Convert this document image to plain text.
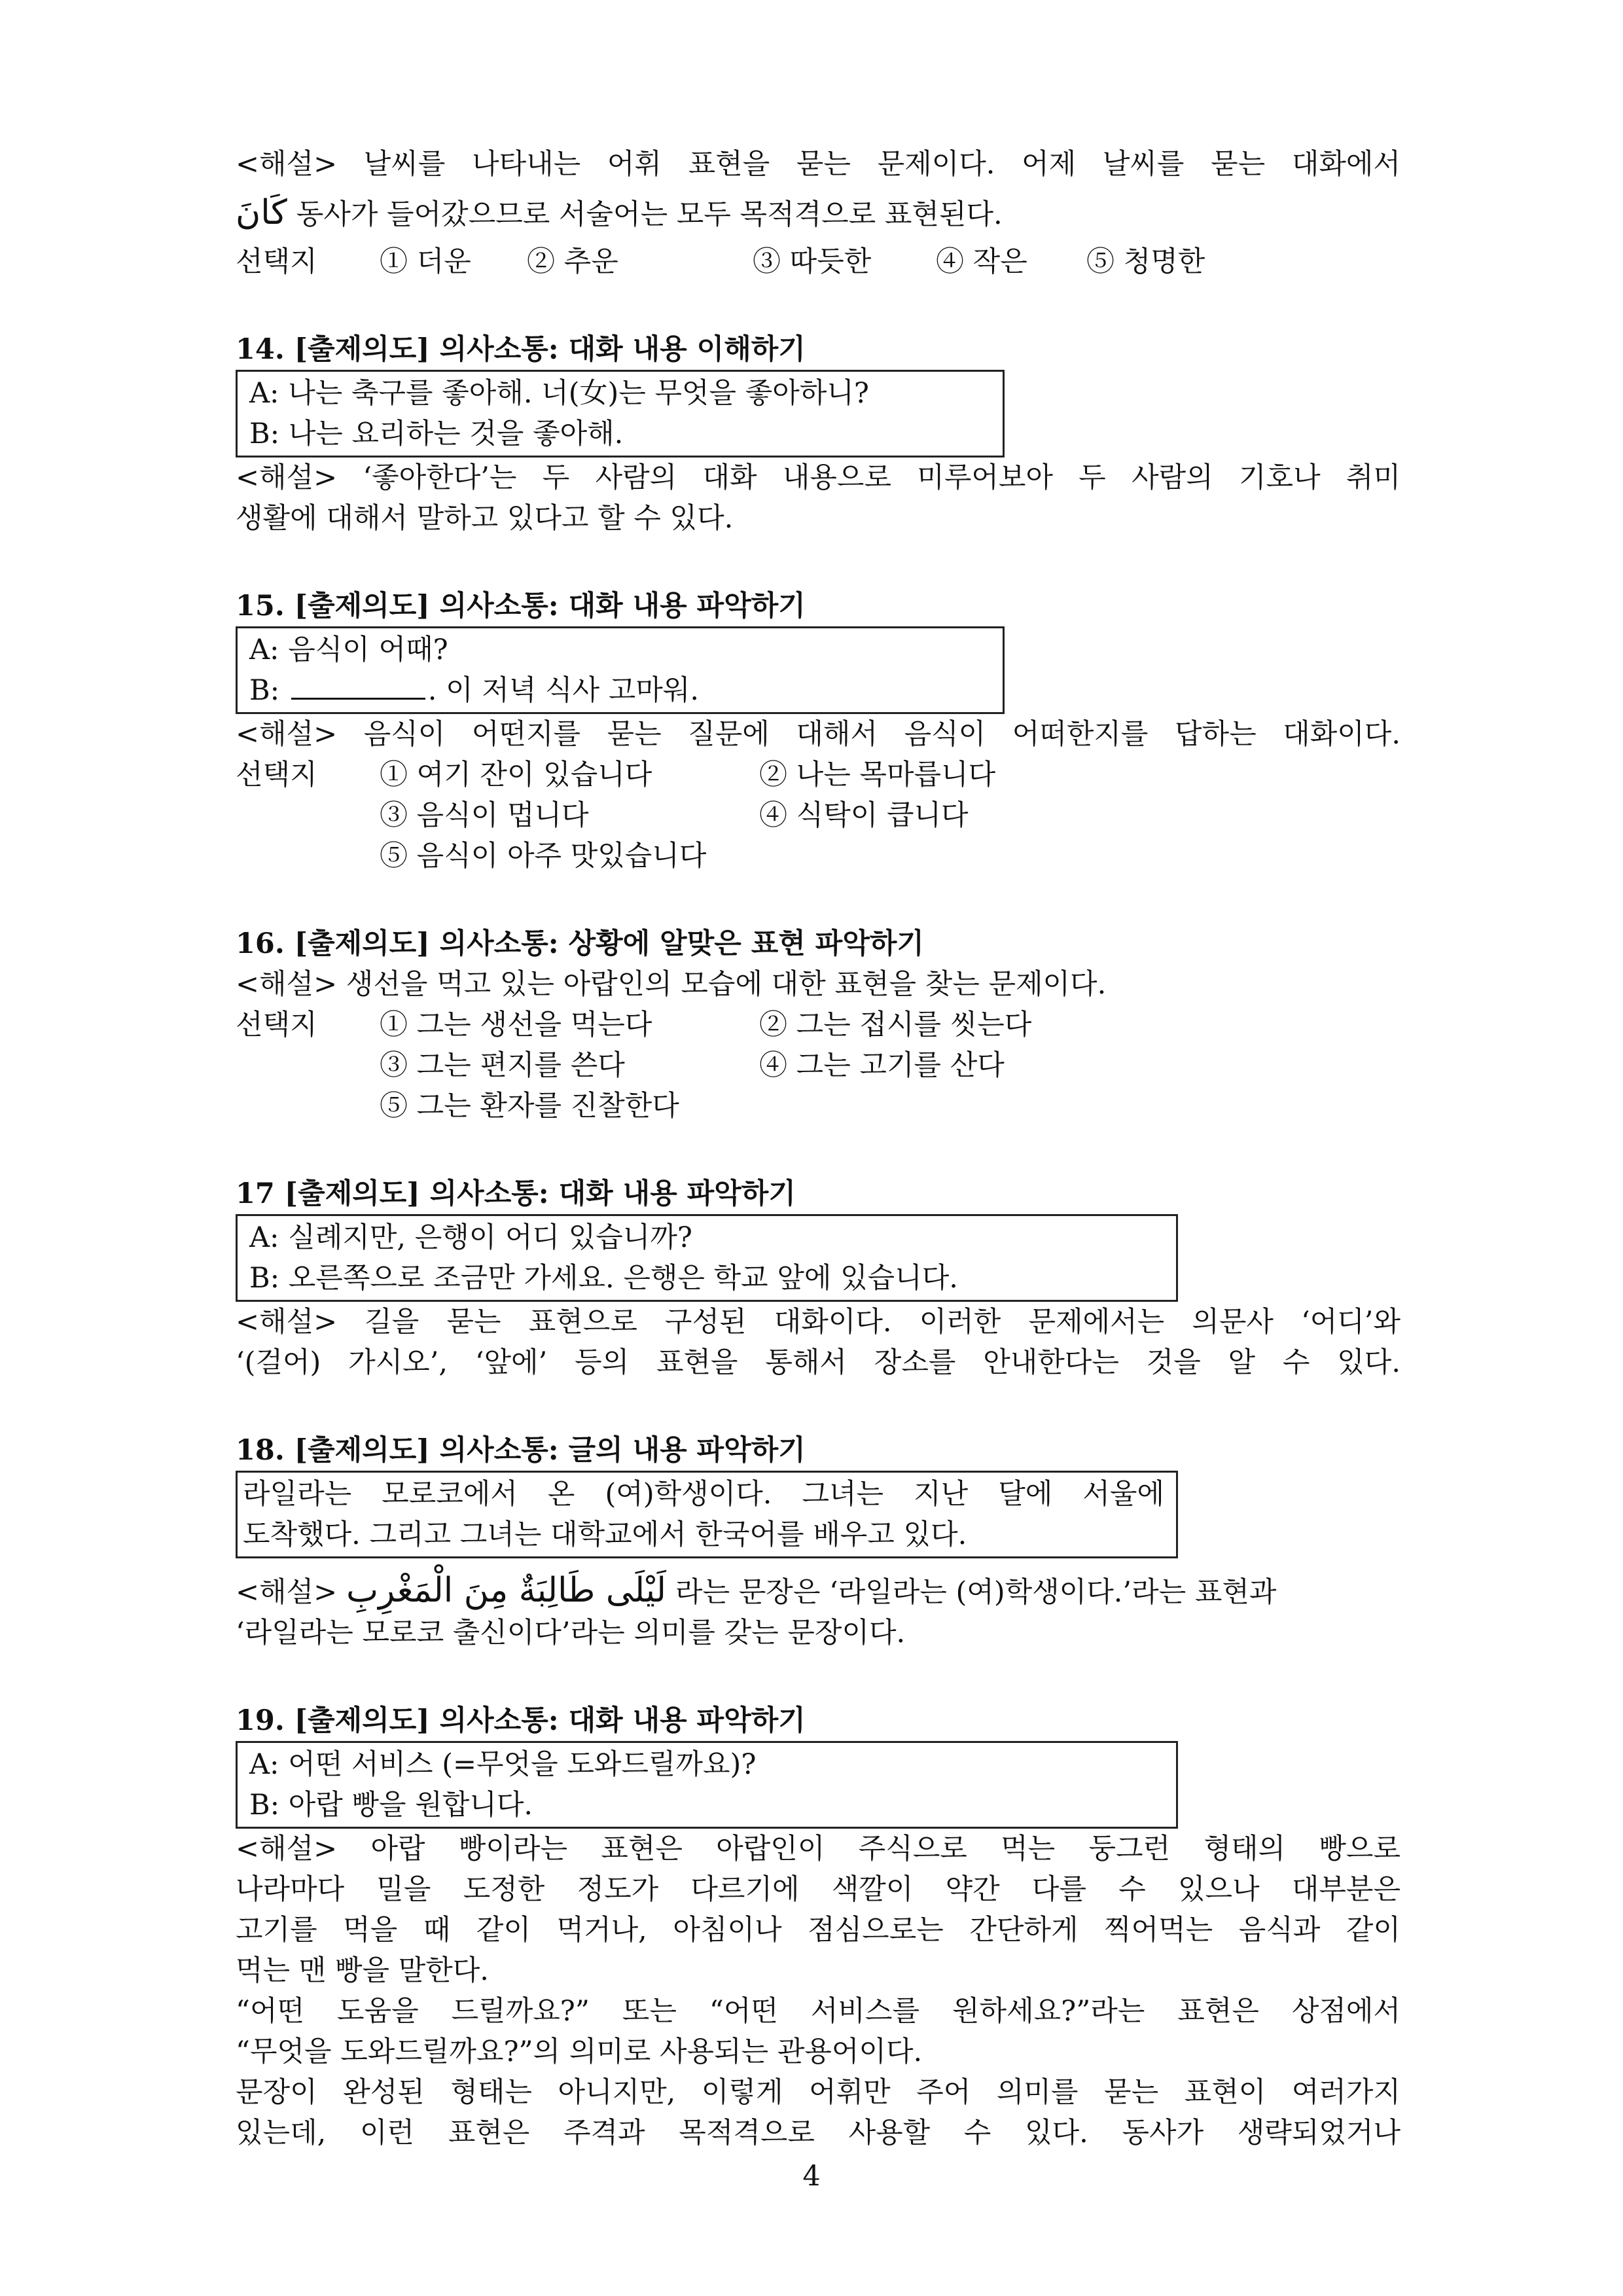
<해설> 날씨를 나타내는 어휘 표현을 묻는 문제이다. 어제 날씨를 묻는 대화에서
كَانَ 동사가 들어갔으므로 서술어는 모두 목적격으로 표현된다.
선택지 ① 더운 ② 추운	③ 따듯한 ④ 작은 ⑤ 청명한
14. [출제의도] 의사소통: 대화 내용 이해하기
A: 나는 축구를 좋아해. 너(女)는 무엇을 좋아하니?
B: 나는 요리하는 것을 좋아해.
<해설> ‘좋아한다’는 두 사람의 대화 내용으로 미루어보아 두 사람의 기호나 취미
생활에 대해서 말하고 있다고 할 수 있다.
15. [출제의도] 의사소통: 대화 내용 파악하기
A: 음식이 어때?
B:	. 이 저녁 식사 고마워.
<해설> 음식이 어떤지를 묻는 질문에 대해서 음식이 어떠한지를 답하는 대화이다.
선택지	① 여기 잔이 있습니다	② 나는 목마릅니다
③ 음식이 멉니다	④ 식탁이 큽니다
⑤ 음식이 아주 맛있습니다
16. [출제의도] 의사소통: 상황에 알맞은 표현 파악하기
<해설> 생선을 먹고 있는 아랍인의 모습에 대한 표현을 찾는 문제이다.
선택지	① 그는 생선을 먹는다	② 그는 접시를 씻는다
③ 그는 편지를 쓴다	④ 그는 고기를 산다
⑤ 그는 환자를 진찰한다
17 [출제의도] 의사소통: 대화 내용 파악하기
A: 실례지만, 은행이 어디 있습니까?
B: 오른쪽으로 조금만 가세요. 은행은 학교 앞에 있습니다.
<해설> 길을 묻는 표현으로 구성된 대화이다. 이러한 문제에서는 의문사 ‘어디’와
‘(걸어) 가시오’, ‘앞에’ 등의 표현을 통해서 장소를 안내한다는 것을 알 수 있다.
18. [출제의도] 의사소통: 글의 내용 파악하기
라일라는 모로코에서 온 (여)학생이다. 그녀는 지난 달에 서울에
도착했다. 그리고 그녀는 대학교에서 한국어를 배우고 있다.
<해설> لَيْلَى طَالِبَةٌ مِنَ الْمَغْرِبِ 라는 문장은 ‘라일라는 (여)학생이다.’라는 표현과
‘라일라는 모로코 출신이다’라는 의미를 갖는 문장이다.
19. [출제의도] 의사소통: 대화 내용 파악하기
A: 어떤 서비스 (=무엇을 도와드릴까요)?
B: 아랍 빵을 원합니다.
<해설> 아랍 빵이라는 표현은 아랍인이 주식으로 먹는 둥그런 형태의 빵으로
나라마다 밀을 도정한 정도가 다르기에 색깔이 약간 다를 수 있으나 대부분은
고기를 먹을 때 같이 먹거나, 아침이나 점심으로는 간단하게 찍어먹는 음식과 같이
먹는 맨 빵을 말한다.
“어떤 도움을 드릴까요?” 또는 “어떤 서비스를 원하세요?”라는 표현은 상점에서
“무엇을 도와드릴까요?”의 의미로 사용되는 관용어이다.
문장이 완성된 형태는 아니지만, 이렇게 어휘만 주어 의미를 묻는 표현이 여러가지
있는데, 이런 표현은 주격과 목적격으로 사용할 수 있다. 동사가 생략되었거나
4
